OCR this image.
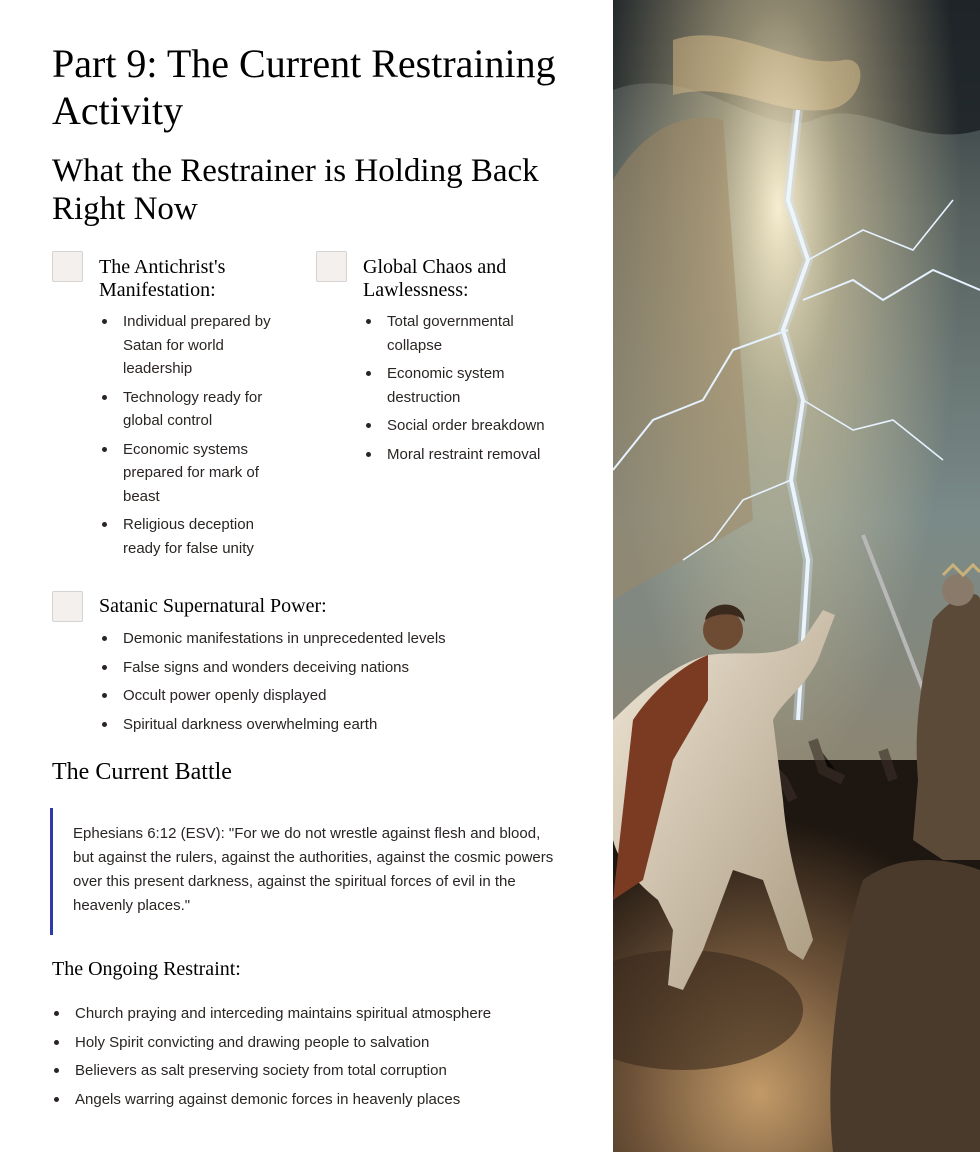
Part 9: The Current Restraining Activity
What the Restrainer is Holding Back Right Now
The Antichrist's Manifestation:
Individual prepared by Satan for world leadership
Technology ready for global control
Economic systems prepared for mark of beast
Religious deception ready for false unity
Global Chaos and Lawlessness:
Total governmental collapse
Economic system destruction
Social order breakdown
Moral restraint removal
Satanic Supernatural Power:
Demonic manifestations in unprecedented levels
False signs and wonders deceiving nations
Occult power openly displayed
Spiritual darkness overwhelming earth
The Current Battle
Ephesians 6:12 (ESV): "For we do not wrestle against flesh and blood, but against the rulers, against the authorities, against the cosmic powers over this present darkness, against the spiritual forces of evil in the heavenly places."
The Ongoing Restraint:
Church praying and interceding maintains spiritual atmosphere
Holy Spirit convicting and drawing people to salvation
Believers as salt preserving society from total corruption
Angels warring against demonic forces in heavenly places
